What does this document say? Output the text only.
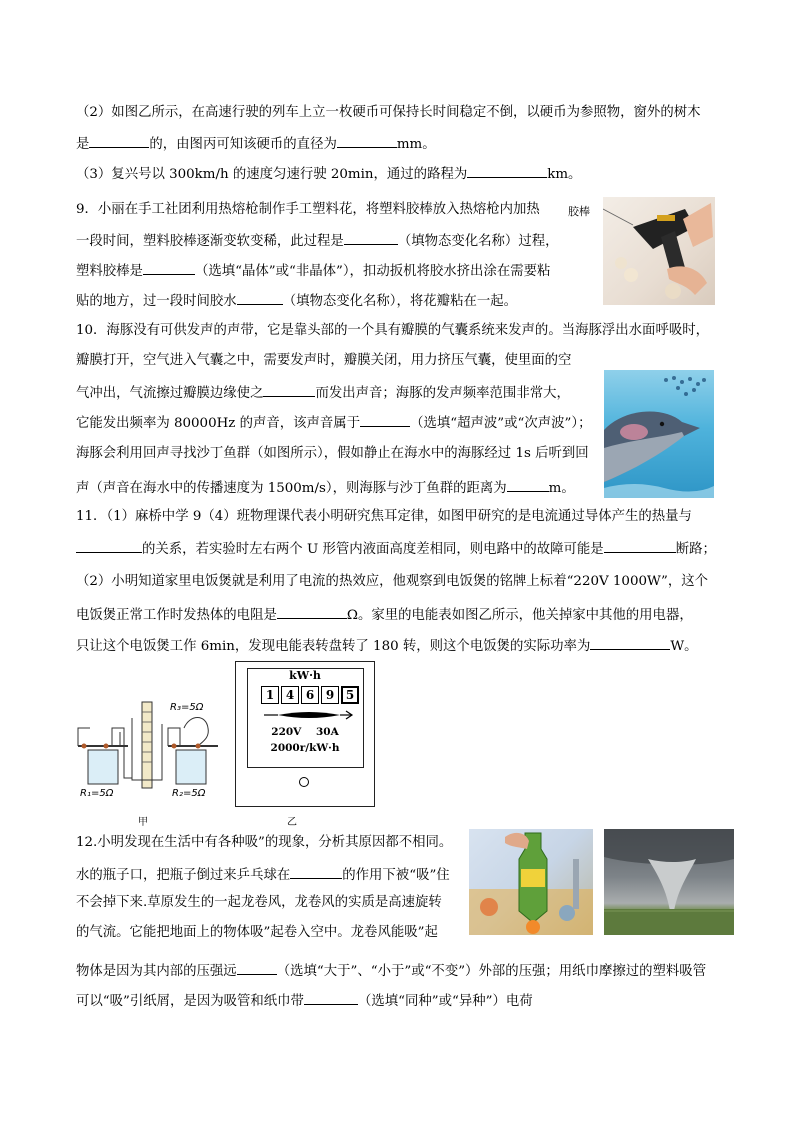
（2）如图乙所示，在高速行驶的列车上立一枚硬币可保持长时间稳定不倒，以硬币为参照物，窗外的树木
是	的，由图丙可知该硬币的直径为	mm。
（3）复兴号以 300km/h 的速度匀速行驶 20min，通过的路程为	km。
9．小丽在手工社团利用热熔枪制作手工塑料花，将塑料胶棒放入热熔枪内加热
一段时间，塑料胶棒逐渐变软变稀，此过程是	（填物态变化名称）过程，
塑料胶棒是	（选填“晶体”或“非晶体”），扣动扳机将胶水挤出涂在需要粘
贴的地方，过一段时间胶水	（填物态变化名称），将花瓣粘在一起。
胶棒
10．海豚没有可供发声的声带，它是靠头部的一个具有瓣膜的气囊系统来发声的。当海豚浮出水面呼吸时，
瓣膜打开，空气进入气囊之中，需要发声时，瓣膜关闭，用力挤压气囊，使里面的空
气冲出，气流擦过瓣膜边缘使之	而发出声音；海豚的发声频率范围非常大，
它能发出频率为 80000Hz 的声音，该声音属于	（选填“超声波”或“次声波”）；
海豚会利用回声寻找沙丁鱼群（如图所示），假如静止在海水中的海豚经过 1s 后听到回
声（声音在海水中的传播速度为 1500m/s），则海豚与沙丁鱼群的距离为	m。
11．（1）麻桥中学 9（4）班物理课代表小明研究焦耳定律，如图甲研究的是电流通过导体产生的热量与
的关系，若实验时左右两个 U 形管内液面高度差相同，则电路中的故障可能是	断路；
（2）小明知道家里电饭煲就是利用了电流的热效应，他观察到电饭煲的铭牌上标着“220V 1000W”，这个
电饭煲正常工作时发热体的电阻是	Ω。家里的电能表如图乙所示，他关掉家中其他的用电器，
只让这个电饭煲工作 6min，发现电能表转盘转了 180 转，则这个电饭煲的实际功率为	W。
R₃=5Ω
R₁=5Ω	R₂=5Ω
甲
kW·h
1 4 6 9 5
220V    30A
2000r/kW·h
乙
12.小明发现在生活中有各种吸”的现象，分析其原因都不相同。
水的瓶子口，把瓶子倒过来乒乓球在	的作用下被“吸”住
不会掉下来.草原发生的一起龙卷风，龙卷风的实质是高速旋转
的气流。它能把地面上的物体吸”起卷入空中。龙卷风能吸”起
物体是因为其内部的压强远	（选填“大于”、“小于”或“不变”）外部的压强；用纸巾摩擦过的塑料吸管
可以“吸”引纸屑，是因为吸管和纸巾带	（选填“同种”或“异种”）电荷
